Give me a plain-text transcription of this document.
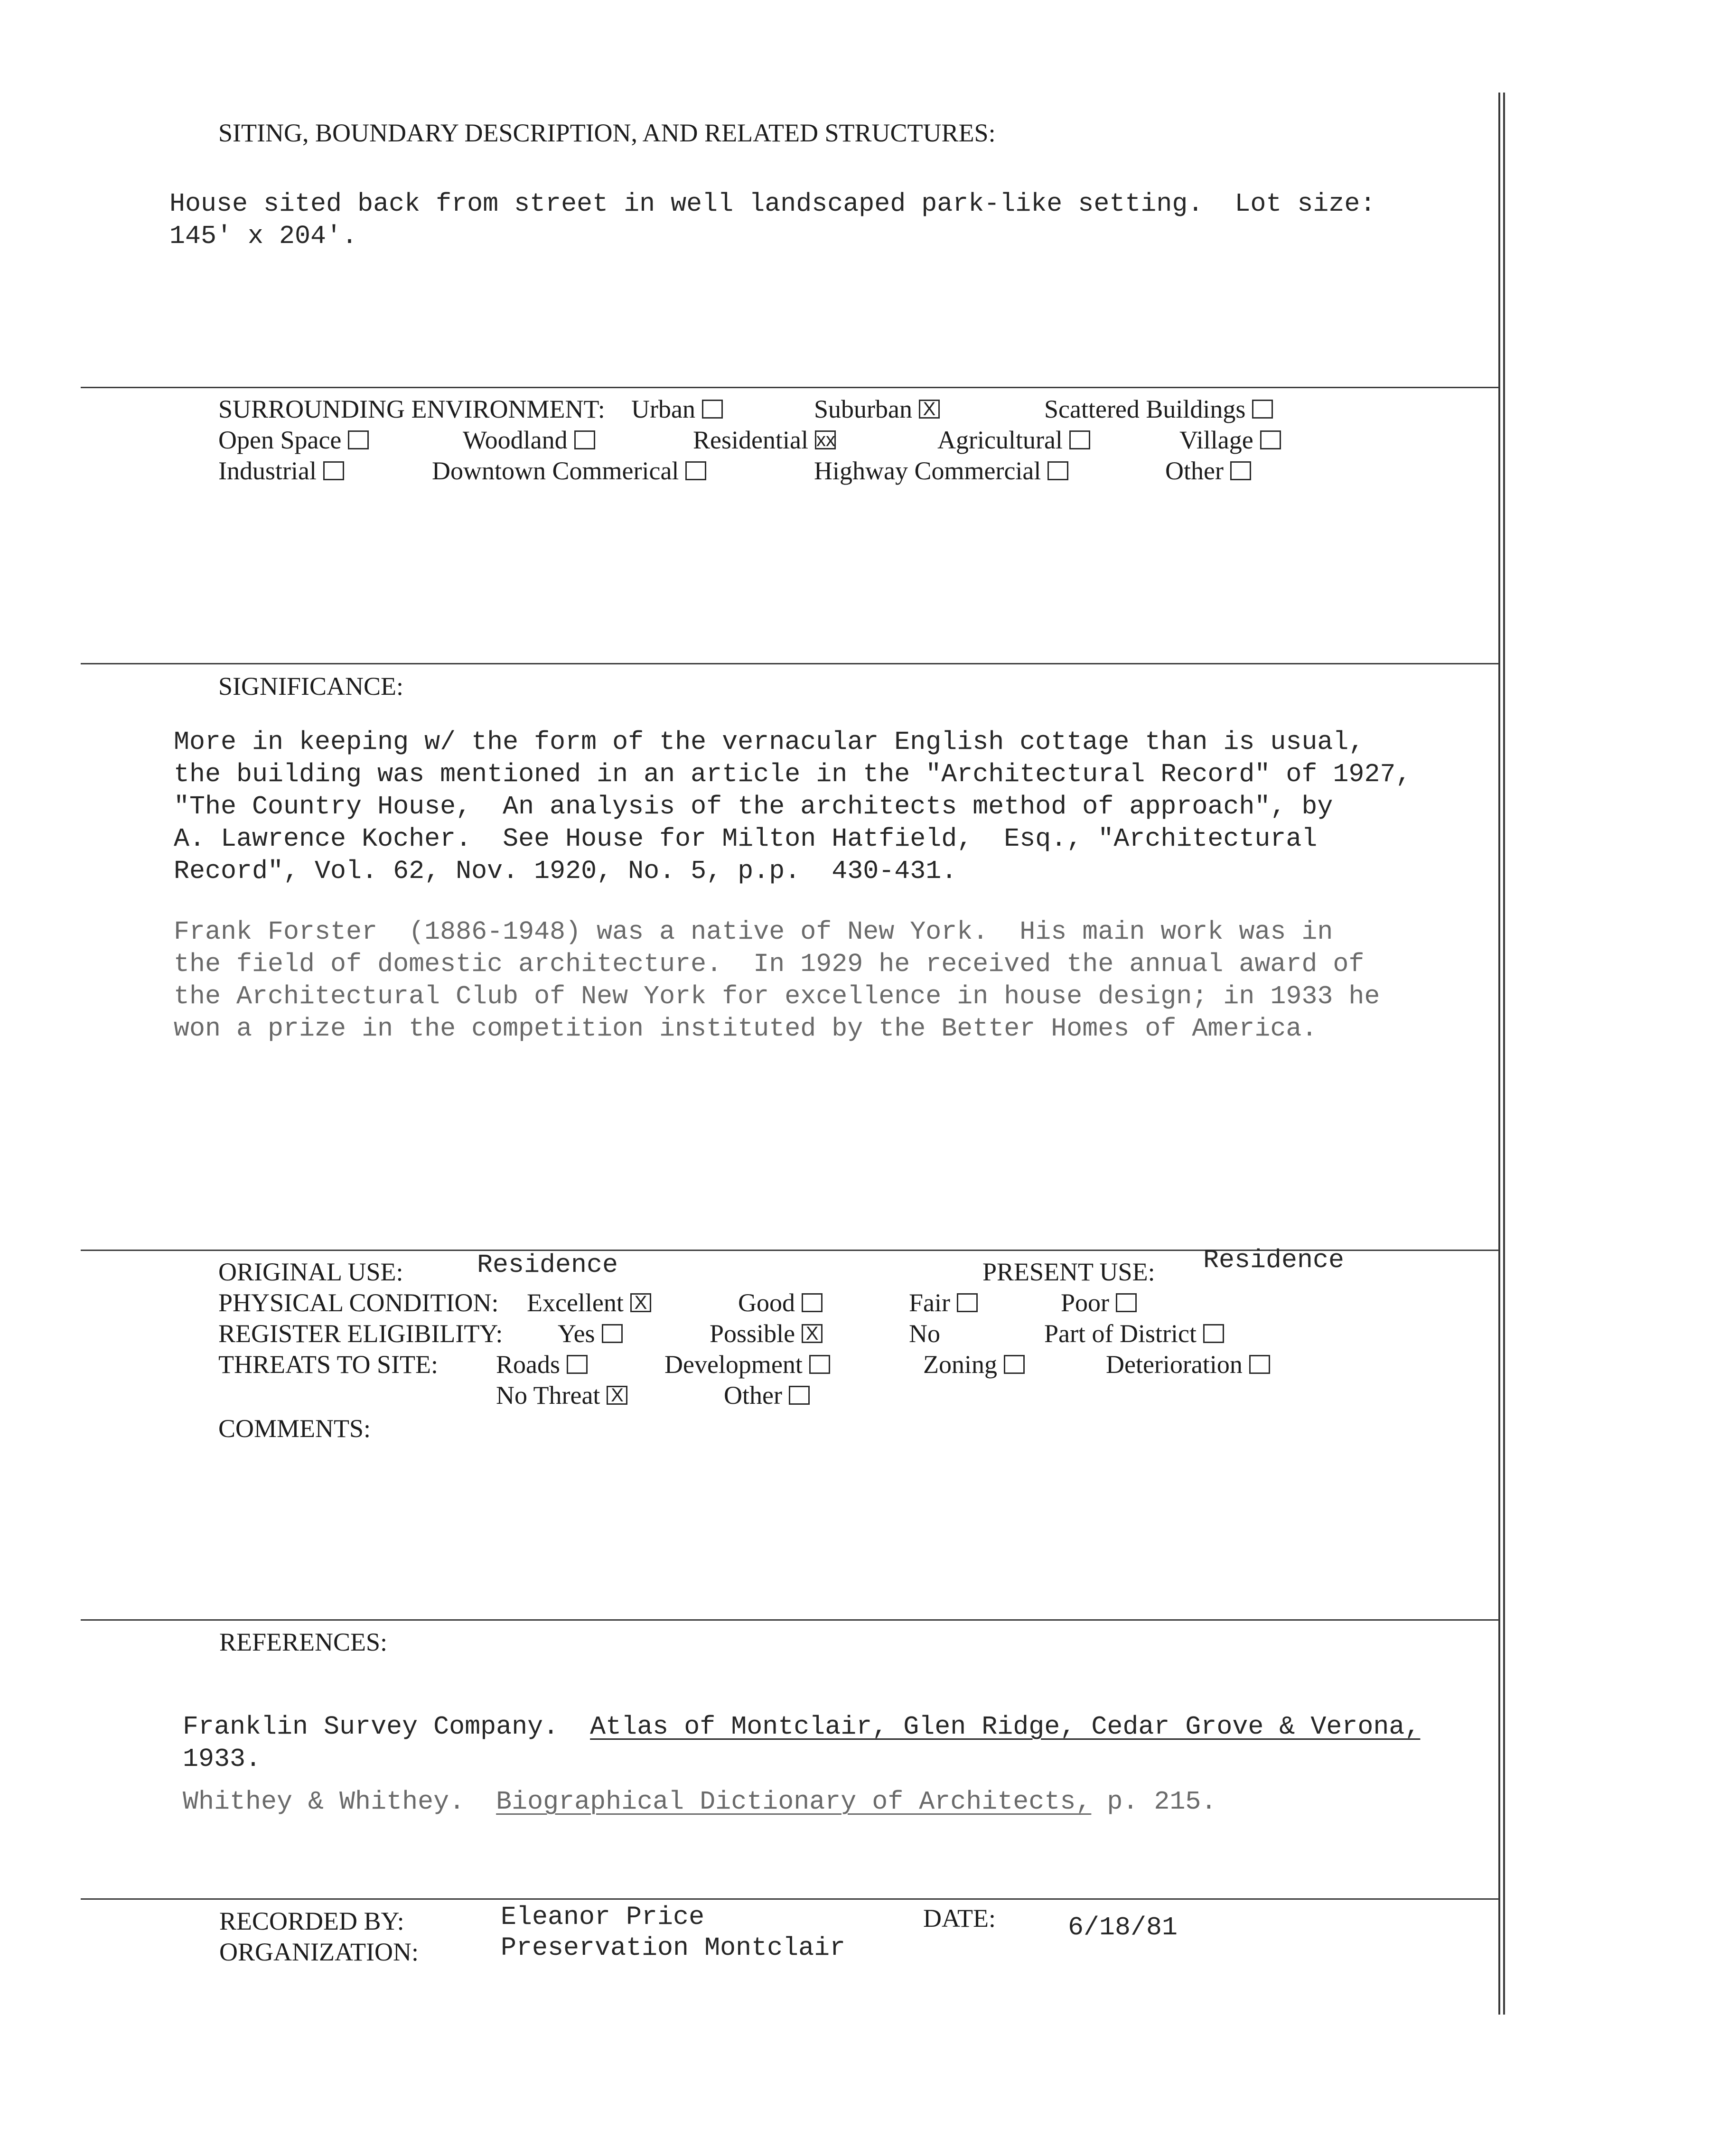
SITING, BOUNDARY DESCRIPTION, AND RELATED STRUCTURES:
House sited back from street in well landscaped park-like setting.  Lot size:
145' x 204'.
SURROUNDING ENVIRONMENT: Urban	Suburban X	Scattered Buildings
Open Space	Woodland	Residential xx	Agricultural	Village
Industrial	Downtown Commerical	Highway Commercial	Other
SIGNIFICANCE:
More in keeping w/ the form of the vernacular English cottage than is usual,
the building was mentioned in an article in the "Architectural Record" of 1927,
"The Country House,  An analysis of the architects method of approach", by
A. Lawrence Kocher.  See House for Milton Hatfield,  Esq., "Architectural
Record", Vol. 62, Nov. 1920, No. 5, p.p.  430-431.
Frank Forster  (1886-1948) was a native of New York.  His main work was in
the field of domestic architecture.  In 1929 he received the annual award of
the Architectural Club of New York for excellence in house design; in 1933 he
won a prize in the competition instituted by the Better Homes of America.
ORIGINAL USE:	Residence	PRESENT USE: Residence
PHYSICAL CONDITION: Excellent X	Good	Fair	Poor
REGISTER ELIGIBILITY: Yes	Possible X	No	Part of District
THREATS TO SITE: Roads	Development	Zoning	Deterioration
No Threat X	Other
COMMENTS:
REFERENCES:
Franklin Survey Company. Atlas of Montclair, Glen Ridge, Cedar Grove & Verona,
1933.
Whithey & Whithey. Biographical Dictionary of Architects, p. 215.
RECORDED BY:	Eleanor Price	DATE:	6/18/81
ORGANIZATION:	Preservation Montclair
